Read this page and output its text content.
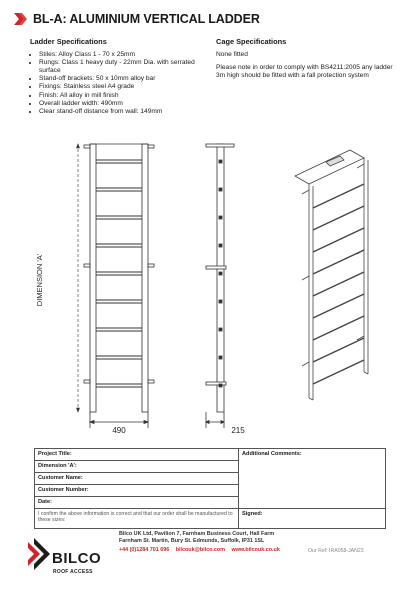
BL-A: ALUMINIUM VERTICAL LADDER
Ladder Specifications
• Stiles: Alloy Class 1 - 70 x 25mm
• Rungs: Class 1 heavy duty - 22mm Dia. with serrated surface
• Stand-off brackets: 50 x 10mm alloy bar
• Fixings: Stainless steel A4 grade
• Finish: All alloy in mill finish
• Overall ladder width: 490mm
• Clear stand-off distance from wall: 149mm
Cage Specifications

None fitted

Please note in order to comply with BS4211:2005 any ladder 3m high should be fitted with a fall protection system

DIMENSION 'A'
490	215
Project Title:	Additional Comments:
Dimension 'A':	
Customer Name:	
Customer Number:	
Date:	
I confirm the above information is correct and that our order shall be manufactured to these sizes:	Signed:
BILCO
ROOF ACCESS
Bilco UK Ltd, Pavilion 7, Farnham Business Court, Hall Farm
Farnham St. Martin, Bury St. Edmunds, Suffolk, IP31 1SL
+44 (0)1284 701 696 bilcouk@bilco.com www.bilcouk.co.uk	Our Ref: IRA058-JAN23
